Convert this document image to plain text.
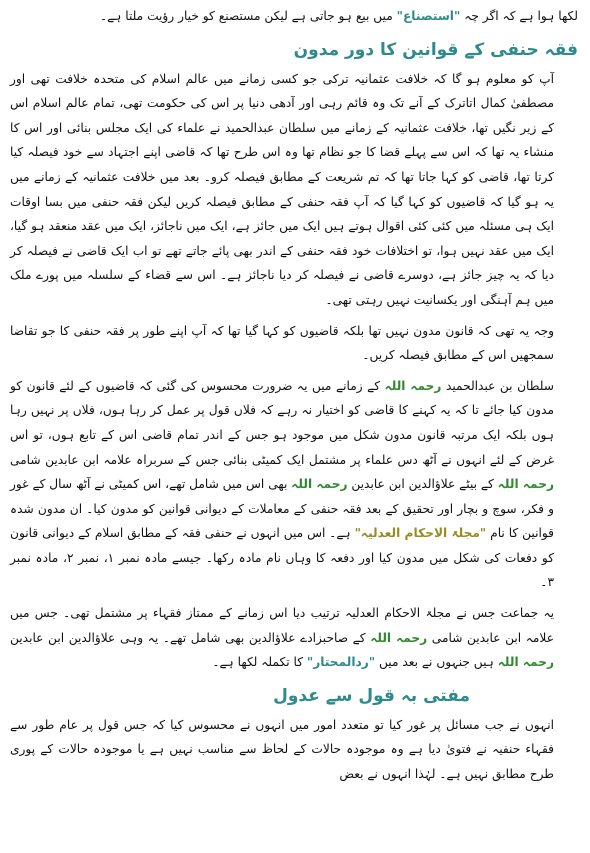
لکھا ہوا ہے کہ اگر چہ "استصناع" میں بیع ہو جاتی ہے لیکن مستصنع کو خیار رؤیت ملتا ہے۔

فقہ حنفی کے قوانین کا دور مدون

آپ کو معلوم ہو گا کہ خلافت عثمانیہ ترکی جو کسی زمانے میں عالم اسلام کی متحدہ خلافت تھی اور مصطفیٰ کمال اتاترک کے آنے تک وہ قائم رہی اور آدھی دنیا پر اس کی حکومت تھی، تمام عالم اسلام اس کے زیر نگیں تھا، خلافت عثمانیہ کے زمانے میں سلطان عبدالحمید نے علماء کی ایک مجلس بنائی اور اس کا منشاء یہ تھا کہ اس سے پہلے قضا کا جو نظام تھا وہ اس طرح تھا کہ قاضی اپنے اجتہاد سے خود فیصلہ کیا کرتا تھا، قاضی کو کہا جاتا تھا کہ تم شریعت کے مطابق فیصلہ کرو۔ بعد میں خلافت عثمانیہ کے زمانے میں یہ ہو گیا کہ قاضیوں کو کہا گیا کہ آپ فقہ حنفی کے مطابق فیصلہ کریں لیکن فقہ حنفی میں بسا اوقات ایک ہی مسئلہ میں کئی کئی اقوال ہوتے ہیں ایک میں جائز ہے، ایک میں ناجائز، ایک میں عقد منعقد ہو گیا، ایک میں عقد نہیں ہوا، تو اختلافات خود فقہ حنفی کے اندر بھی پائے جاتے تھے تو اب ایک قاضی نے فیصلہ کر دیا کہ یہ چیز جائز ہے، دوسرے قاضی نے فیصلہ کر دیا ناجائز ہے۔ اس سے قضاء کے سلسلہ میں پورے ملک میں ہم آہنگی اور یکسانیت نہیں رہتی تھی۔

وجہ یہ تھی کہ قانون مدون نہیں تھا بلکہ قاضیوں کو کہا گیا تھا کہ آپ اپنے طور پر فقہ حنفی کا جو تقاضا سمجھیں اس کے مطابق فیصلہ کریں۔

سلطان بن عبدالحمید رحمہ اللہ کے زمانے میں یہ ضرورت محسوس کی گئی کہ قاضیوں کے لئے قانون کو مدون کیا جائے تا کہ یہ کہنے کا قاضی کو اختیار نہ رہے کہ فلاں قول پر عمل کر رہا ہوں، فلاں پر نہیں رہا ہوں بلکہ ایک مرتبہ قانون مدون شکل میں موجود ہو جس کے اندر تمام قاضی اس کے تابع ہوں، تو اس غرض کے لئے انہوں نے آٹھ دس علماء پر مشتمل ایک کمیٹی بنائی جس کے سربراہ علامہ ابن عابدین شامی رحمہ اللہ کے بیٹے علاؤالدین ابن عابدین رحمہ اللہ بھی اس میں شامل تھے، اس کمیٹی نے آٹھ سال کے غور و فکر، سوچ و بچار اور تحقیق کے بعد فقہ حنفی کے معاملات کے دیوانی قوانین کو مدون کیا۔ ان مدون شدہ قوانین کا نام "مجلۃ الاحکام العدلیہ" ہے۔ اس میں انہوں نے حنفی فقہ کے مطابق اسلام کے دیوانی قانون کو دفعات کی شکل میں مدون کیا اور دفعہ کا وہاں نام مادہ رکھا۔ جیسے مادہ نمبر ۱، نمبر ۲، مادہ نمبر ۳۔

یہ جماعت جس نے مجلۃ الاحکام العدلیہ ترتیب دیا اس زمانے کے ممتاز فقہاء پر مشتمل تھی۔ جس میں علامہ ابن عابدین شامی رحمہ اللہ کے صاحبزادے علاؤالدین بھی شامل تھے۔ یہ وہی علاؤالدین ابن عابدین رحمہ اللہ ہیں جنہوں نے بعد میں "ردالمحتار" کا تکملہ لکھا ہے۔

مفتی بہ قول سے عدول

انہوں نے جب مسائل پر غور کیا تو متعدد امور میں انہوں نے محسوس کیا کہ جس قول پر عام طور سے فقہاء حنفیہ نے فتویٰ دیا ہے وہ موجودہ حالات کے لحاظ سے مناسب نہیں ہے یا موجودہ حالات کے پوری طرح مطابق نہیں ہے۔ لہٰذا انہوں نے بعض
